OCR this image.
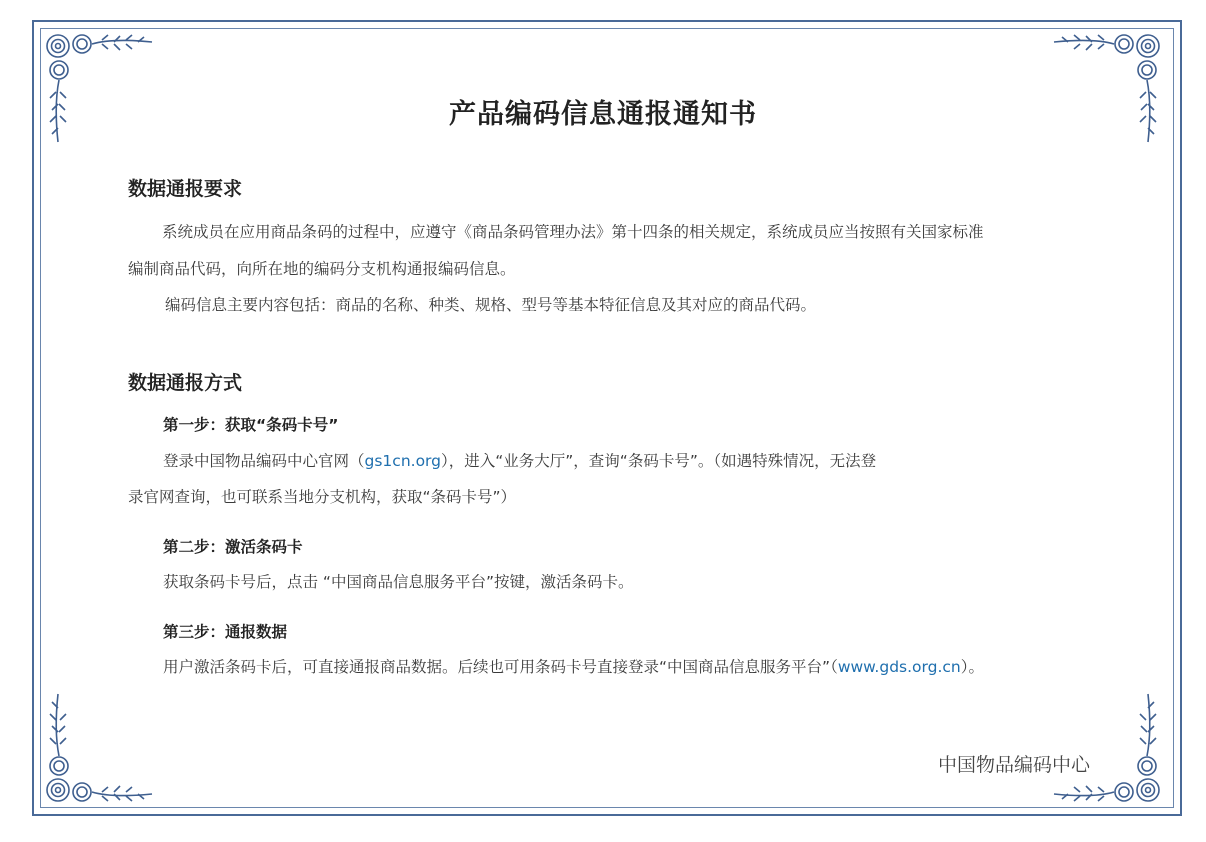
产品编码信息通报通知书
数据通报要求
系统成员在应用商品条码的过程中，应遵守《商品条码管理办法》第十四条的相关规定，系统成员应当按照有关国家标准
编制商品代码，向所在地的编码分支机构通报编码信息。
编码信息主要内容包括：商品的名称、种类、规格、型号等基本特征信息及其对应的商品代码。
数据通报方式
第一步：获取“条码卡号”
登录中国物品编码中心官网（gs1cn.org），进入“业务大厅”，查询“条码卡号”。（如遇特殊情况，无法登
录官网查询，也可联系当地分支机构，获取“条码卡号”）
第二步：激活条码卡
获取条码卡号后，点击 “中国商品信息服务平台”按键，激活条码卡。
第三步：通报数据
用户激活条码卡后，可直接通报商品数据。后续也可用条码卡号直接登录“中国商品信息服务平台”（www.gds.org.cn）。
中国物品编码中心
